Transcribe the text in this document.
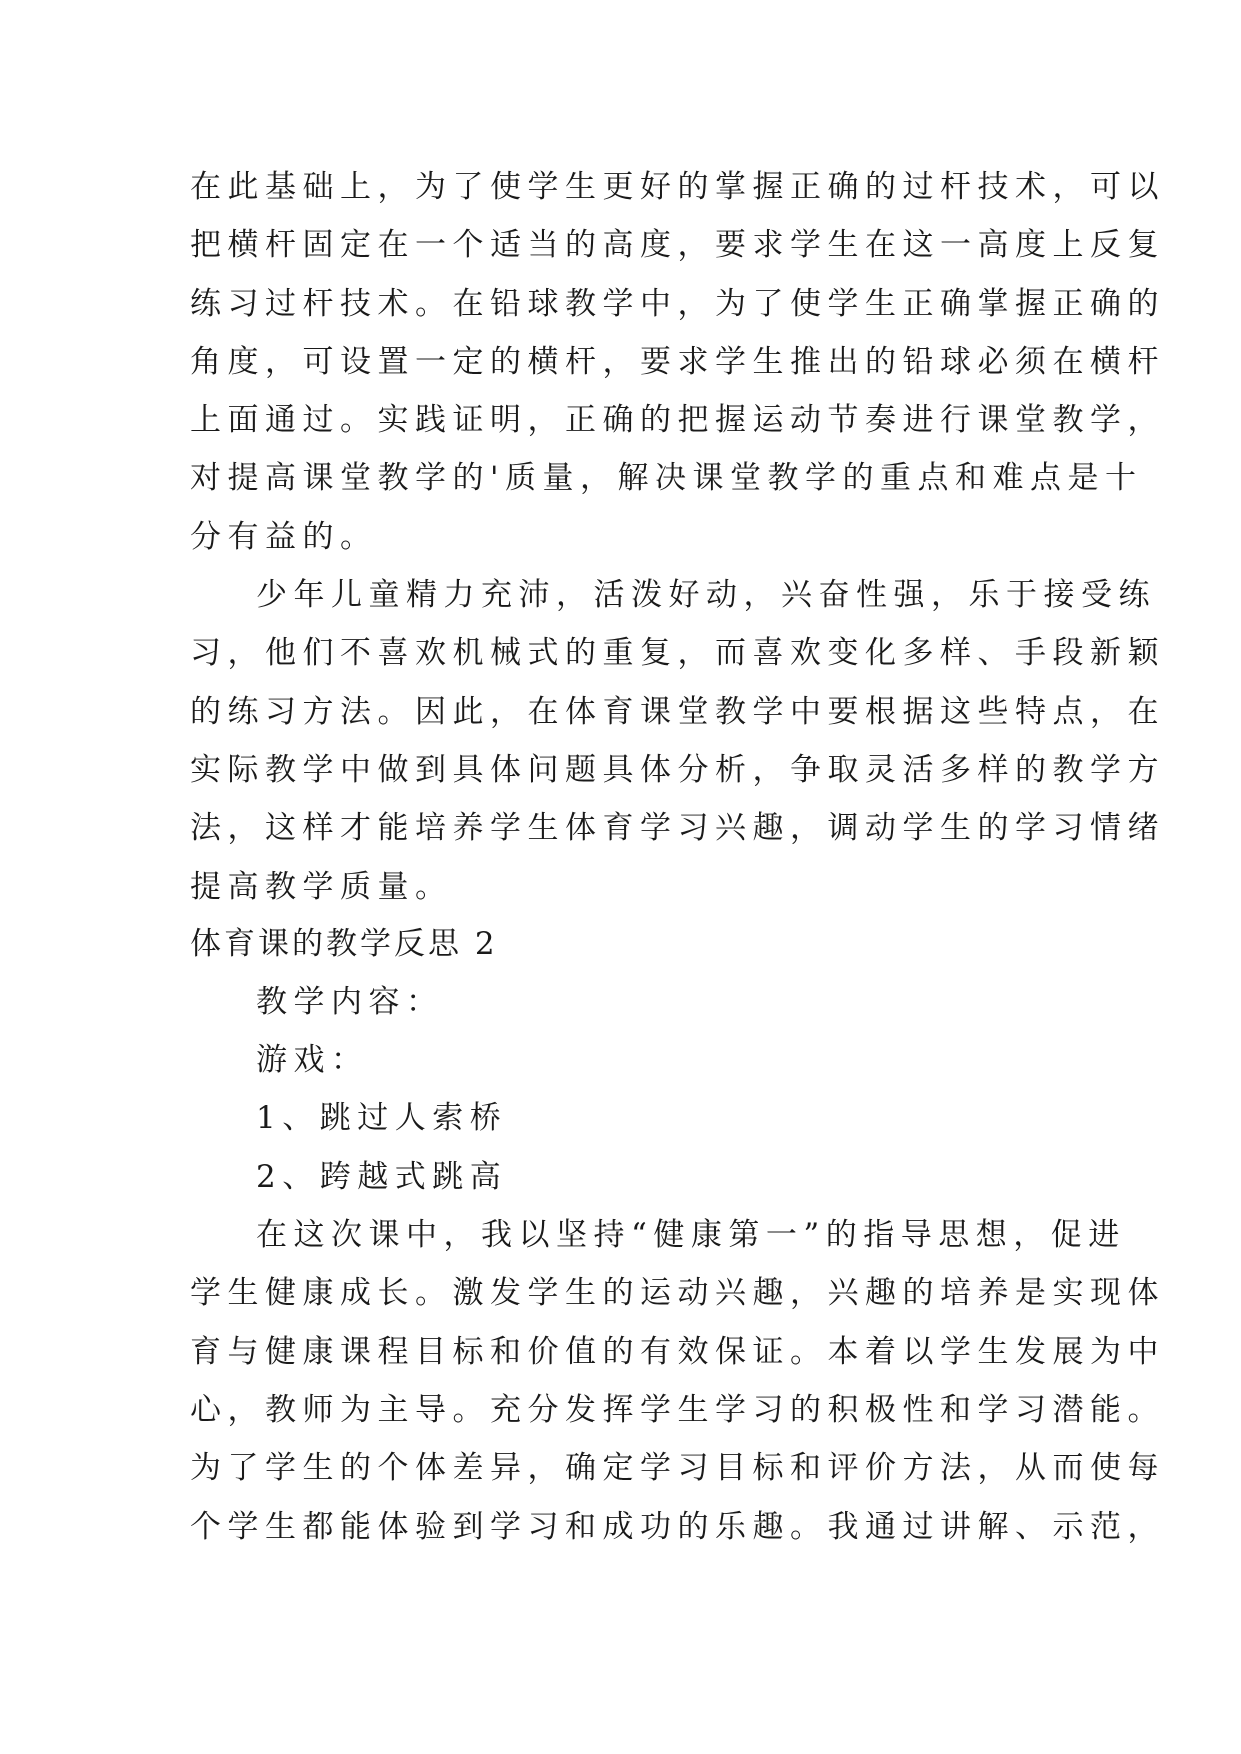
在此基础上，为了使学生更好的掌握正确的过杆技术，可以
把横杆固定在一个适当的高度，要求学生在这一高度上反复
练习过杆技术。在铅球教学中，为了使学生正确掌握正确的
角度，可设置一定的横杆，要求学生推出的铅球必须在横杆
上面通过。实践证明，正确的把握运动节奏进行课堂教学，
对提高课堂教学的'质量，解决课堂教学的重点和难点是十
分有益的。
少年儿童精力充沛，活泼好动，兴奋性强，乐于接受练
习，他们不喜欢机械式的重复，而喜欢变化多样、手段新颖
的练习方法。因此，在体育课堂教学中要根据这些特点，在
实际教学中做到具体问题具体分析，争取灵活多样的教学方
法，这样才能培养学生体育学习兴趣，调动学生的学习情绪
提高教学质量。
体育课的教学反思 2
教学内容：
游戏：
1、跳过人索桥
2、跨越式跳高
在这次课中，我以坚持“健康第一”的指导思想，促进
学生健康成长。激发学生的运动兴趣，兴趣的培养是实现体
育与健康课程目标和价值的有效保证。本着以学生发展为中
心，教师为主导。充分发挥学生学习的积极性和学习潜能。
为了学生的个体差异，确定学习目标和评价方法，从而使每
个学生都能体验到学习和成功的乐趣。我通过讲解、示范，
